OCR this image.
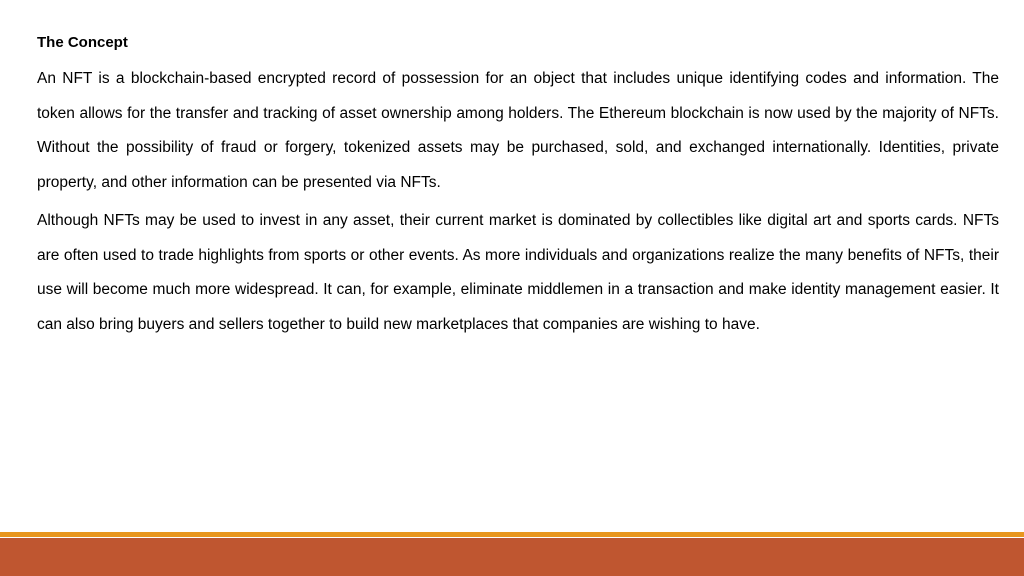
The Concept

An NFT is a blockchain-based encrypted record of possession for an object that includes unique identifying codes and information. The token allows for the transfer and tracking of asset ownership among holders. The Ethereum blockchain is now used by the majority of NFTs. Without the possibility of fraud or forgery, tokenized assets may be purchased, sold, and exchanged internationally. Identities, private property, and other information can be presented via NFTs.

Although NFTs may be used to invest in any asset, their current market is dominated by collectibles like digital art and sports cards. NFTs are often used to trade highlights from sports or other events. As more individuals and organizations realize the many benefits of NFTs, their use will become much more widespread. It can, for example, eliminate middlemen in a transaction and make identity management easier. It can also bring buyers and sellers together to build new marketplaces that companies are wishing to have.
